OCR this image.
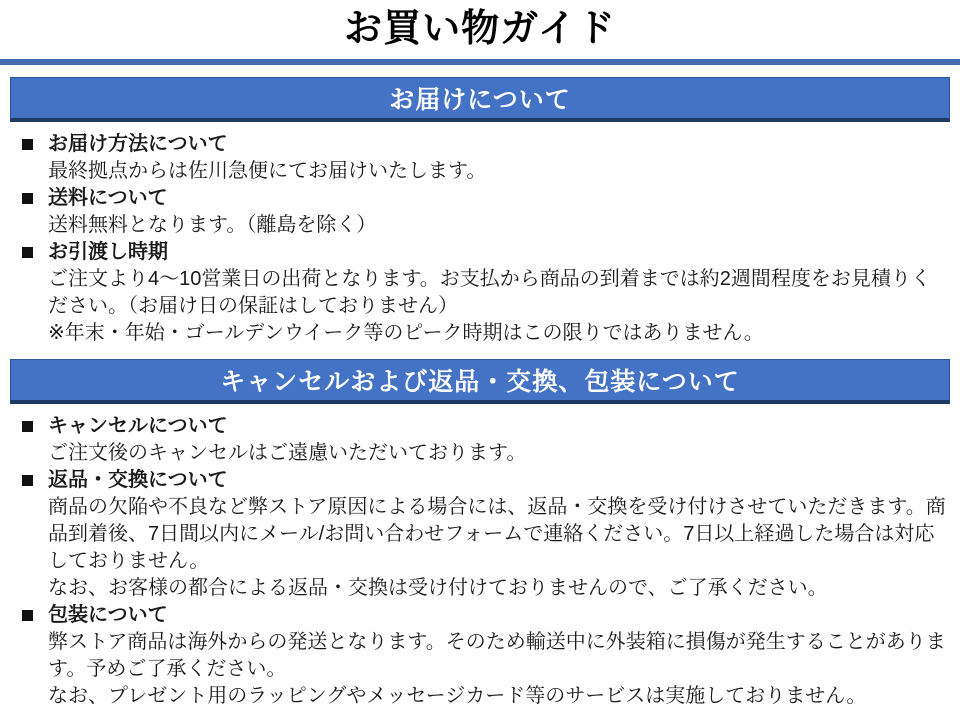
お買い物ガイド
お届けについて
お届け方法について
最終拠点からは佐川急便にてお届けいたします。
送料について
送料無料となります。（離島を除く）
お引渡し時期
ご注文より4～10営業日の出荷となります。お支払から商品の到着までは約2週間程度をお見積りください。（お届け日の保証はしておりません）
※年末・年始・ゴールデンウイーク等のピーク時期はこの限りではありません。
キャンセルおよび返品・交換、包装について
キャンセルについて
ご注文後のキャンセルはご遠慮いただいております。
返品・交換について
商品の欠陥や不良など弊ストア原因による場合には、返品・交換を受け付けさせていただきます。商品到着後、7日間以内にメール/お問い合わせフォームで連絡ください。7日以上経過した場合は対応しておりません。
なお、お客様の都合による返品・交換は受け付けておりませんので、ご了承ください。
包装について
弊ストア商品は海外からの発送となります。そのため輸送中に外装箱に損傷が発生することがあります。予めご了承ください。
なお、プレゼント用のラッピングやメッセージカード等のサービスは実施しておりません。
